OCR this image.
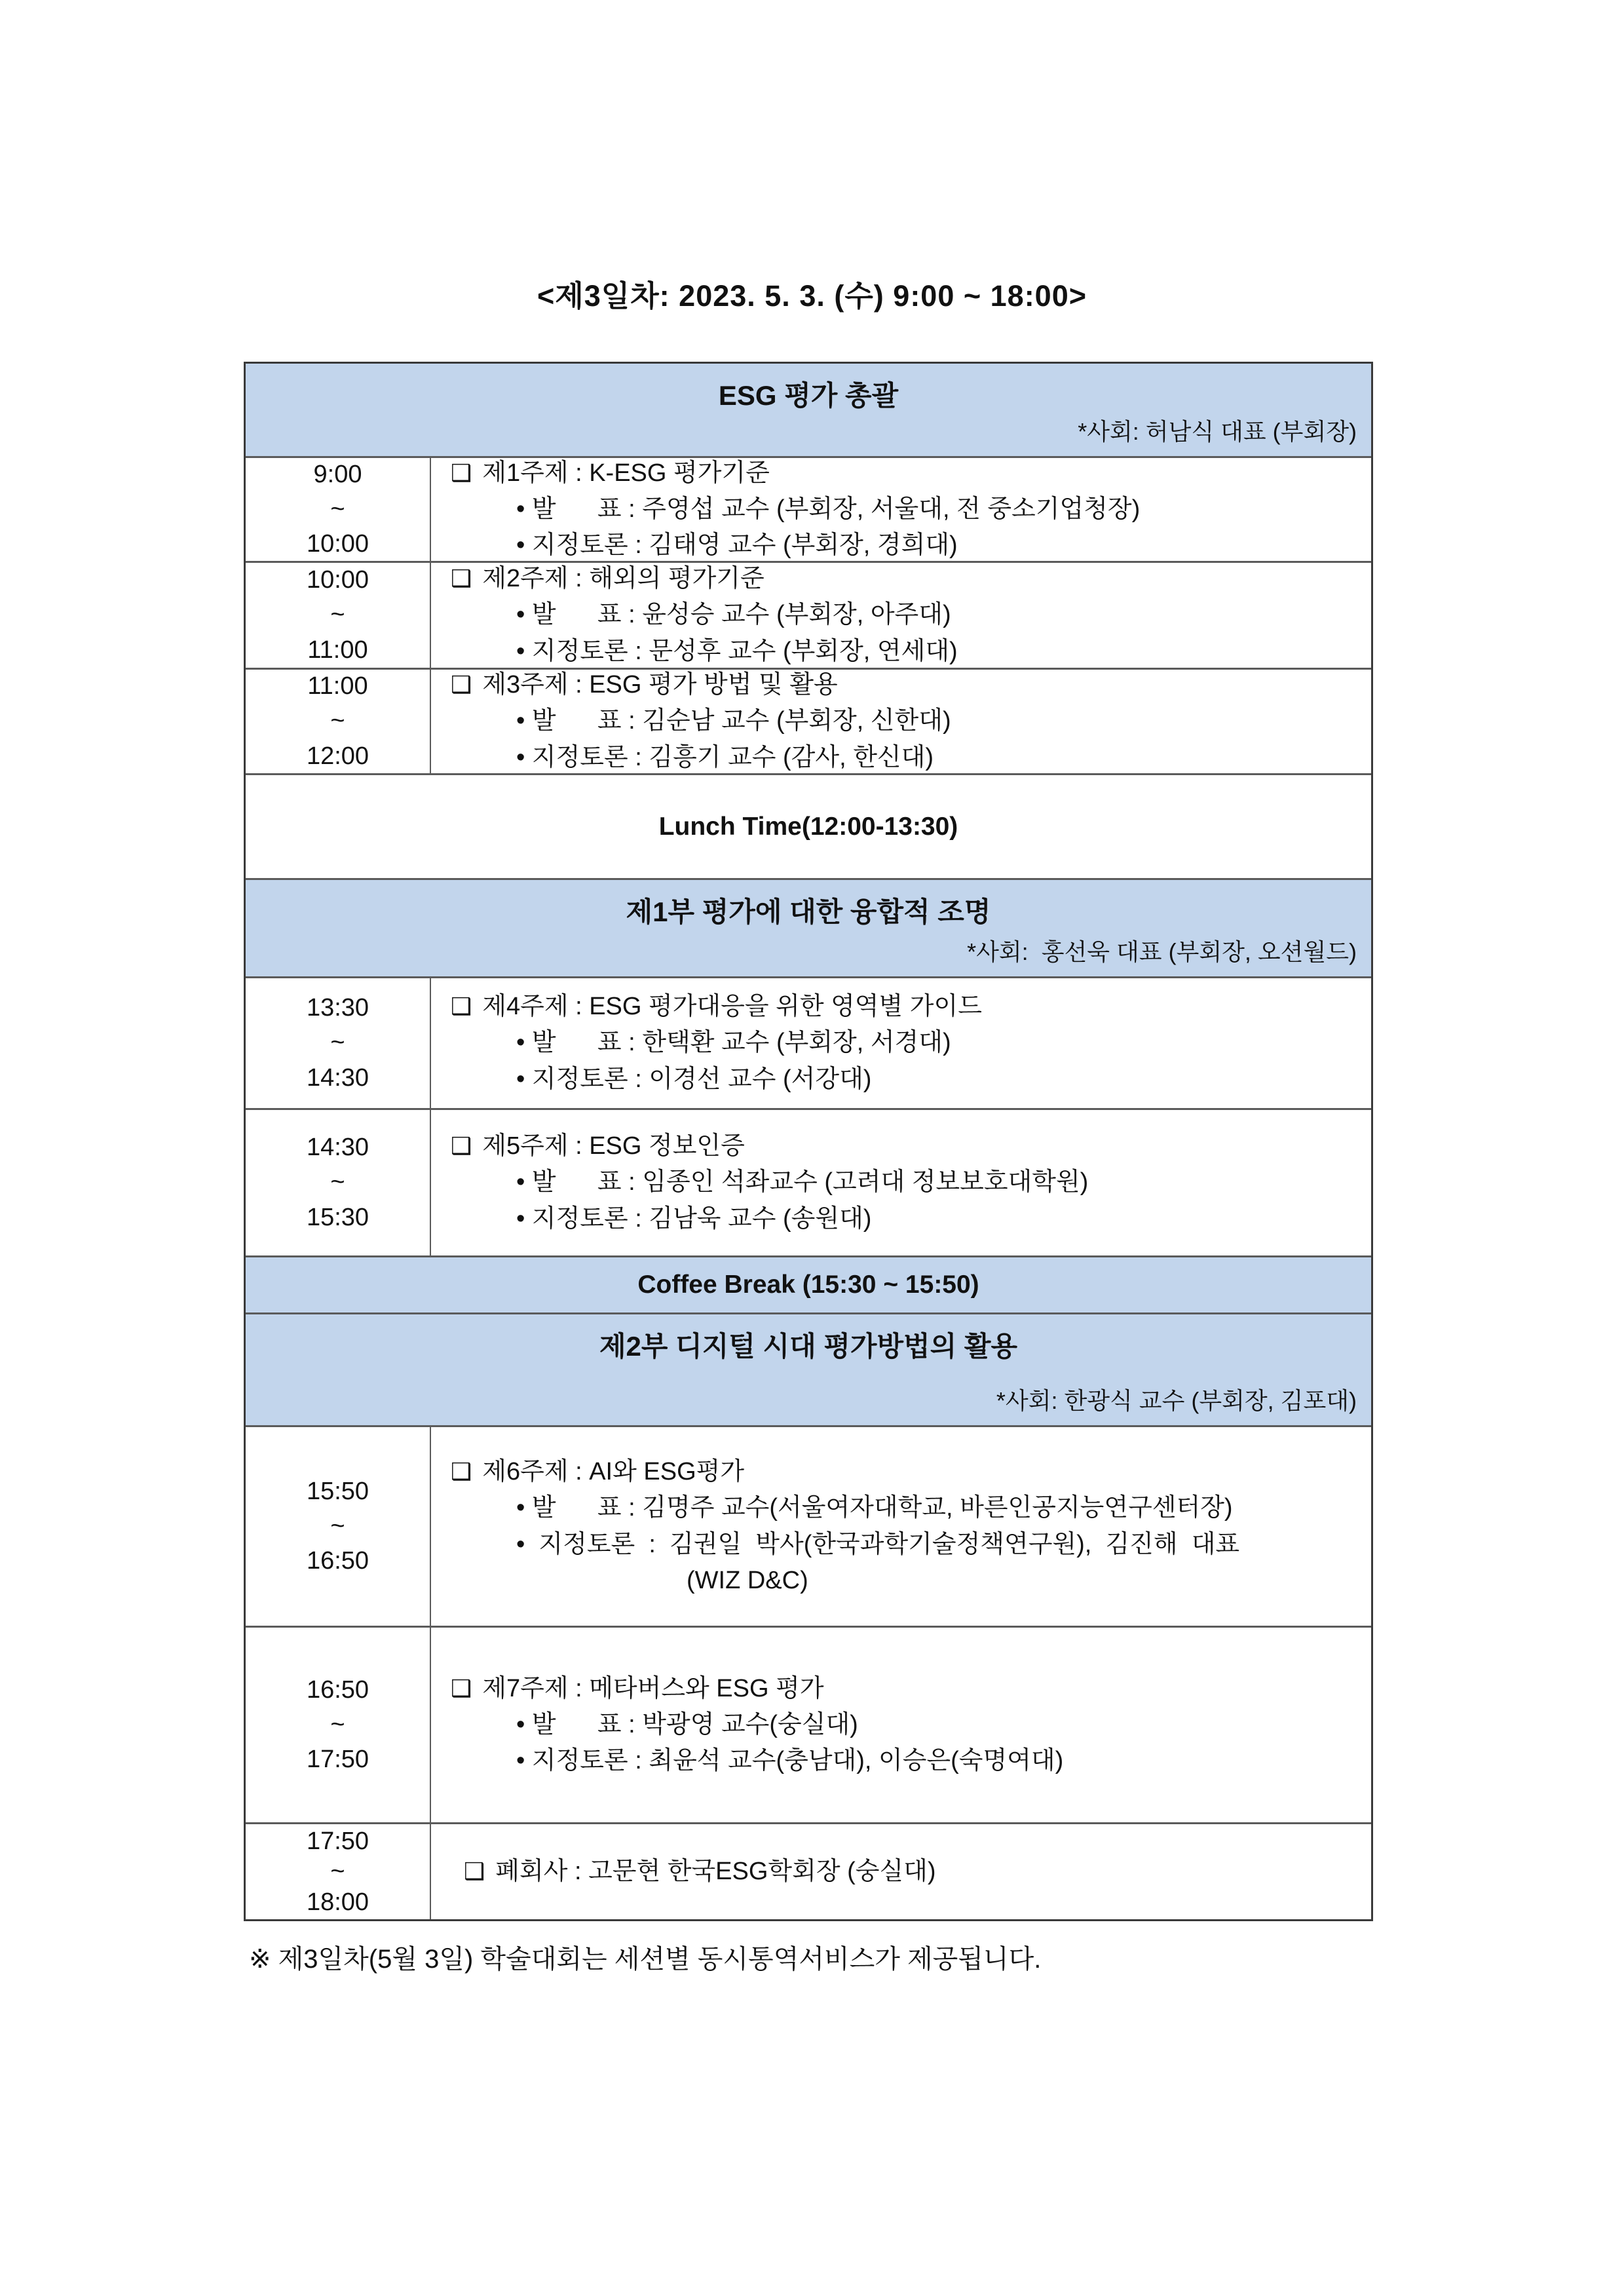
<제3일차: 2023. 5. 3. (수) 9:00 ~ 18:00>
ESG 평가 총괄
*사회: 허남식 대표 (부회장)
9:00
~
10:00
❑ 제1주제 : K-ESG 평가기준
• 발      표 : 주영섭 교수 (부회장, 서울대, 전 중소기업청장)
• 지정토론 : 김태영 교수 (부회장, 경희대)
10:00
~
11:00
❑ 제2주제 : 해외의 평가기준
• 발      표 : 윤성승 교수 (부회장, 아주대)
• 지정토론 : 문성후 교수 (부회장, 연세대)
11:00
~
12:00
❑ 제3주제 : ESG 평가 방법 및 활용
• 발      표 : 김순남 교수 (부회장, 신한대)
• 지정토론 : 김흥기 교수 (감사, 한신대)
Lunch Time(12:00-13:30)
제1부 평가에 대한 융합적 조명
*사회:  홍선욱 대표 (부회장, 오션월드)
13:30
~
14:30
❑ 제4주제 : ESG 평가대응을 위한 영역별 가이드
• 발      표 : 한택환 교수 (부회장, 서경대)
• 지정토론 : 이경선 교수 (서강대)
14:30
~
15:30
❑ 제5주제 : ESG 정보인증
• 발      표 : 임종인 석좌교수 (고려대 정보보호대학원)
• 지정토론 : 김남욱 교수 (송원대)
Coffee Break (15:30 ~ 15:50)
제2부 디지털 시대 평가방법의 활용
*사회: 한광식 교수 (부회장, 김포대)
15:50
~
16:50
❑ 제6주제 : AI와 ESG평가
• 발      표 : 김명주 교수(서울여자대학교, 바른인공지능연구센터장)
•  지정토론  :  김권일  박사(한국과학기술정책연구원),  김진해  대표
(WIZ D&C)
16:50
~
17:50
❑ 제7주제 : 메타버스와 ESG 평가
• 발      표 : 박광영 교수(숭실대)
• 지정토론 : 최윤석 교수(충남대), 이승은(숙명여대)
17:50
~
18:00
❑ 폐회사 : 고문현 한국ESG학회장 (숭실대)
※ 제3일차(5월 3일) 학술대회는 세션별 동시통역서비스가 제공됩니다.
